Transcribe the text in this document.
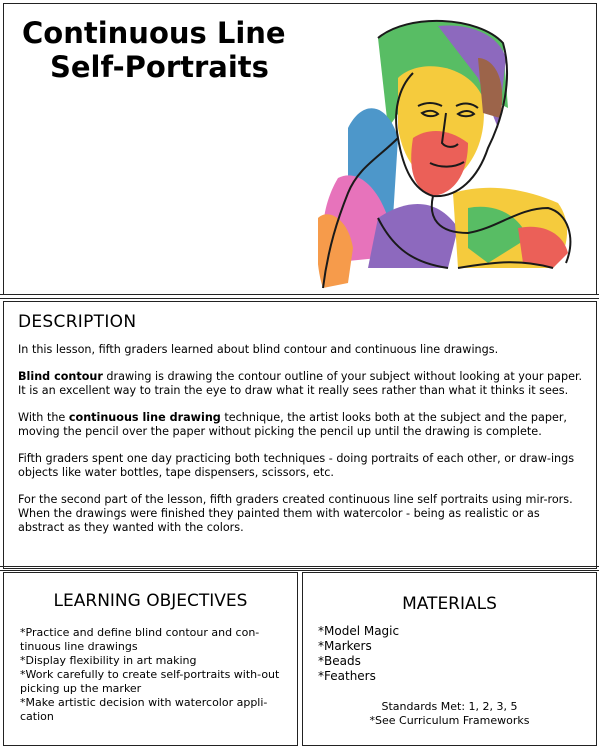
Continuous Line
Self-Portraits
DESCRIPTION

In this lesson, fifth graders learned about blind contour and continuous line drawings.

Blind contour drawing is drawing the contour outline of your subject without looking at your paper. It is an excellent way to train the eye to draw what it really sees rather than what it thinks it sees.

With the continuous line drawing technique, the artist looks both at the subject and the paper, moving the pencil over the paper without picking the pencil up until the drawing is complete.

Fifth graders spent one day practicing both techniques - doing portraits of each other, or draw-ings objects like water bottles, tape dispensers, scissors, etc.

For the second part of the lesson, fifth graders created continuous line self portraits using mir-rors. When the drawings were finished they painted them with watercolor - being as realistic or as abstract as they wanted with the colors.

LEARNING OBJECTIVES
*Practice and define blind contour and con-tinuous line drawings
*Display flexibility in art making
*Work carefully to create self-portraits with-out picking up the marker
*Make artistic decision with watercolor appli-cation
MATERIALS
*Model Magic
*Markers
*Beads
*Feathers
Standards Met: 1, 2, 3, 5
*See Curriculum Frameworks
